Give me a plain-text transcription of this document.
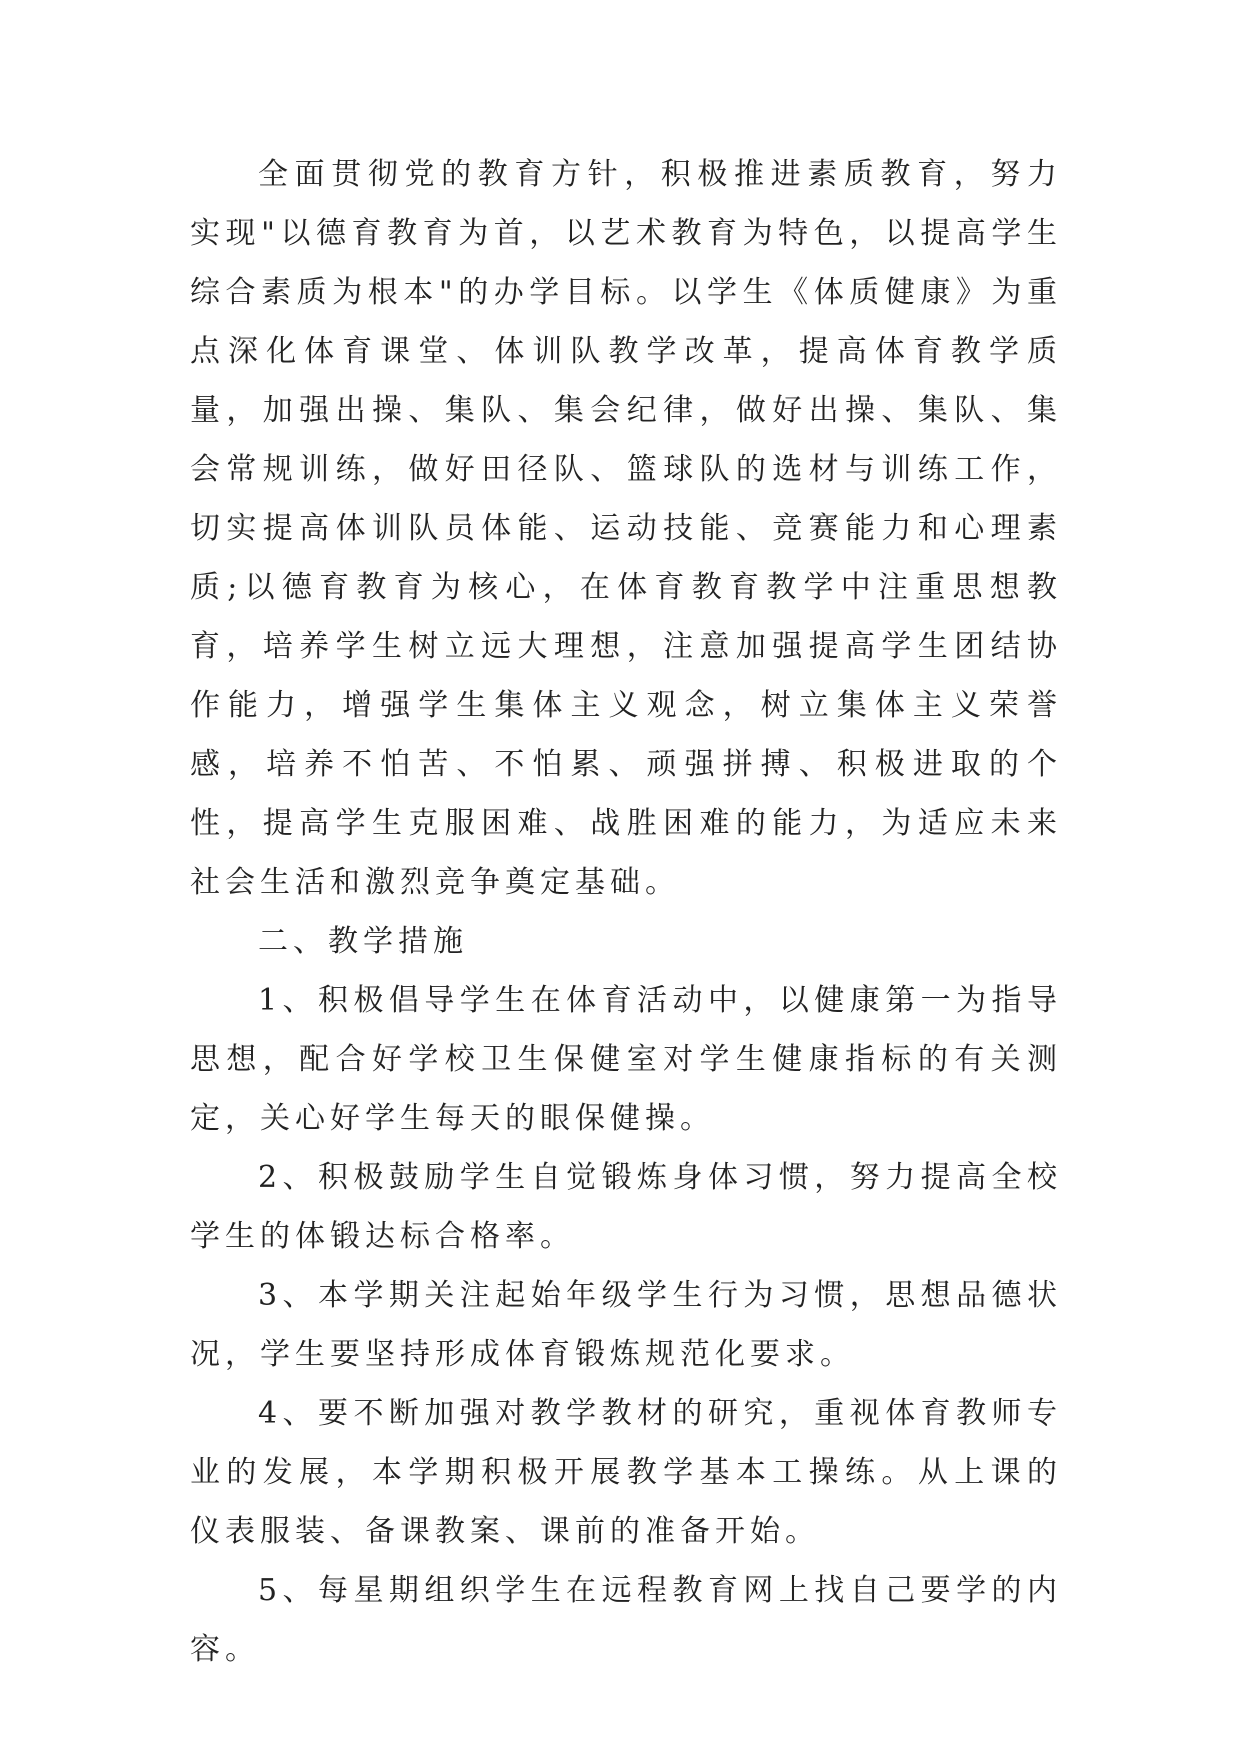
全面贯彻党的教育方针，积极推进素质教育，努力实现"以德育教育为首，以艺术教育为特色，以提高学生综合素质为根本"的办学目标。以学生《体质健康》为重点深化体育课堂、体训队教学改革，提高体育教学质量，加强出操、集队、集会纪律，做好出操、集队、集会常规训练，做好田径队、篮球队的选材与训练工作，切实提高体训队员体能、运动技能、竞赛能力和心理素质;以德育教育为核心，在体育教育教学中注重思想教育，培养学生树立远大理想，注意加强提高学生团结协作能力，增强学生集体主义观念，树立集体主义荣誉感，培养不怕苦、不怕累、顽强拼搏、积极进取的个性，提高学生克服困难、战胜困难的能力，为适应未来社会生活和激烈竞争奠定基础。

二、教学措施

1、积极倡导学生在体育活动中，以健康第一为指导思想，配合好学校卫生保健室对学生健康指标的有关测定，关心好学生每天的眼保健操。

2、积极鼓励学生自觉锻炼身体习惯，努力提高全校学生的体锻达标合格率。

3、本学期关注起始年级学生行为习惯，思想品德状况，学生要坚持形成体育锻炼规范化要求。

4、要不断加强对教学教材的研究，重视体育教师专业的发展，本学期积极开展教学基本工操练。从上课的仪表服装、备课教案、课前的准备开始。

5、每星期组织学生在远程教育网上找自己要学的内容。
